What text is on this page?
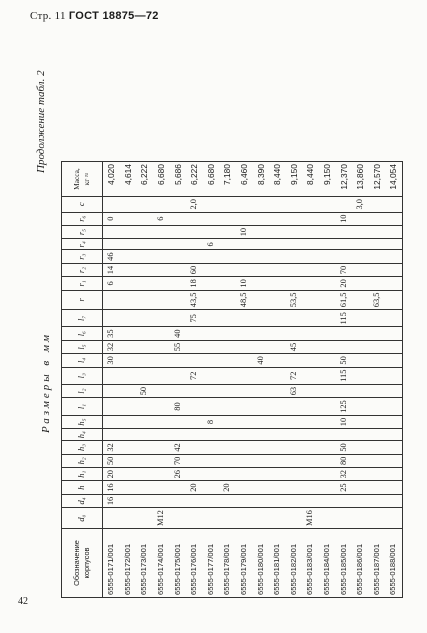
Стр. 11 ГОСТ 18875—72
42
Продолжение табл. 2
Размеры в мм
Обозначение корпусов	d₀	d₄	h	h₁	h₂	h₃	h₄	h₅	l₁	l₂	l₃	l₄	l₅	l₆	l₇	r	r₁	r₂	r₃	r₄	r₅	r₆	c	Масса, кг ≈
6555-0171/001		16	16	20	50	32						30	32	35			6	14	46			0		4,020
6555-0172/001																								4,614
6555-0173/001										50														6,222
6555-0174/001	M12																					6		6,680
6555-0175/001				26	70	42			80				55	40										5,686
6555-0176/001			20								72				75	43,5	18	60					2,0	6,222
6555-0177/001								8												6				6,680
6555-0178/001			20																					7,180
6555-0179/001																48,5	10				10			6,460
6555-0180/001												40												8,390
6555-0181/001																								8,440
6555-0182/001										63	72		45			53,5								9,150
6555-0183/001	M16																							8,440
6555-0184/001																								9,150
6555-0185/001			25	32	80	50		10	125		115	50			115	61,5	20	70				10		12,370
6555-0186/001																							3,0	13,860
6555-0187/001																63,5								12,570
6555-0188/001																								14,054
